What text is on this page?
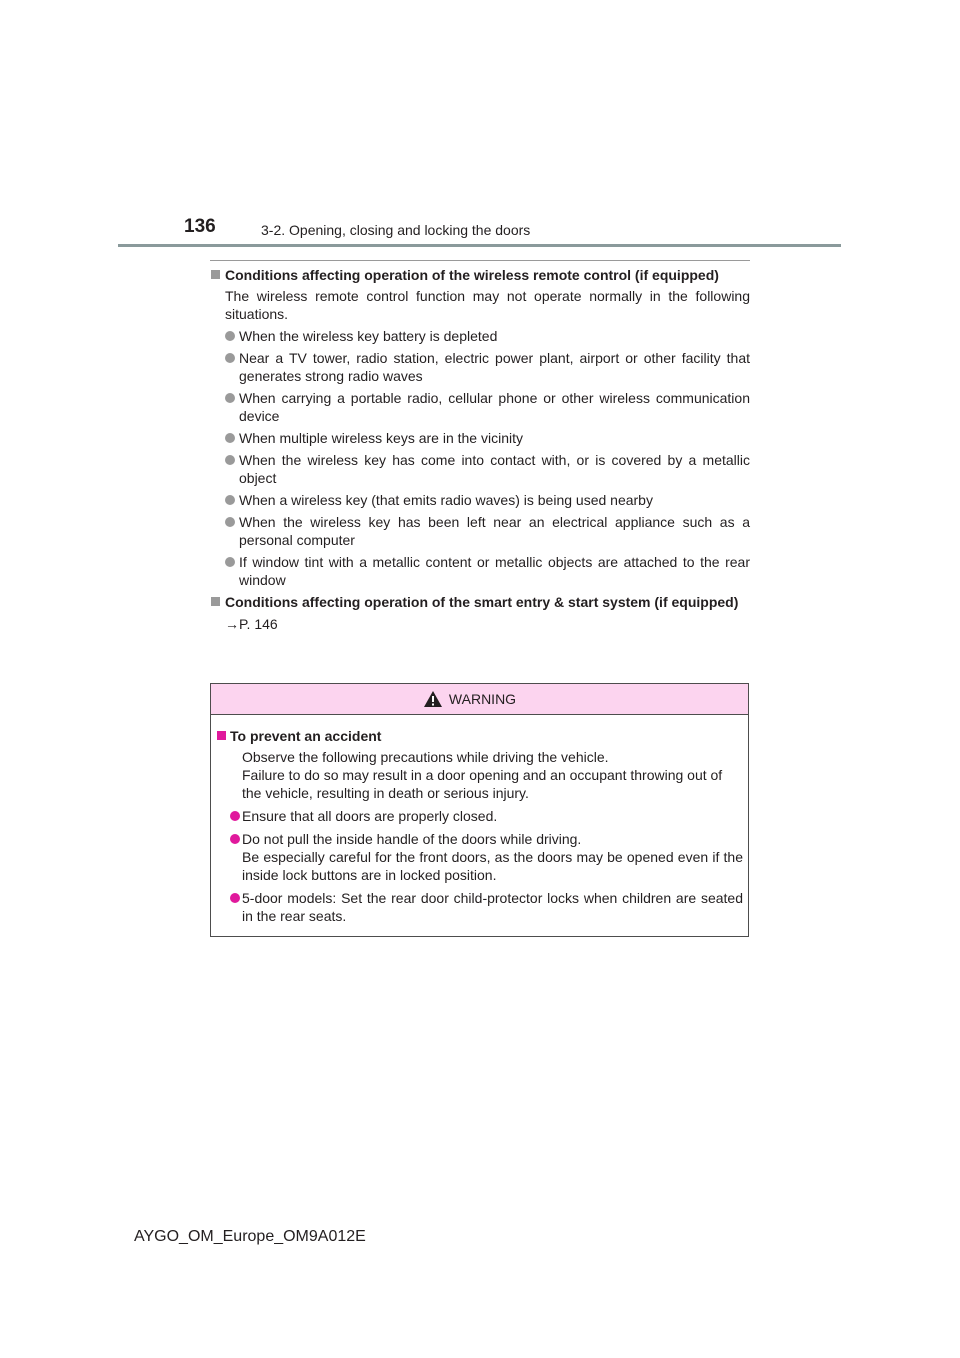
136	3-2. Opening, closing and locking the doors
Conditions affecting operation of the wireless remote control (if equipped)
The wireless remote control function may not operate normally in the following situations.
When the wireless key battery is depleted
Near a TV tower, radio station, electric power plant, airport or other facility that generates strong radio waves
When carrying a portable radio, cellular phone or other wireless communication device
When multiple wireless keys are in the vicinity
When the wireless key has come into contact with, or is covered by a metallic object
When a wireless key (that emits radio waves) is being used nearby
When the wireless key has been left near an electrical appliance such as a personal computer
If window tint with a metallic content or metallic objects are attached to the rear window
Conditions affecting operation of the smart entry & start system (if equipped)
→P. 146
WARNING
To prevent an accident
Observe the following precautions while driving the vehicle.
Failure to do so may result in a door opening and an occupant throwing out of the vehicle, resulting in death or serious injury.
Ensure that all doors are properly closed.
Do not pull the inside handle of the doors while driving.
Be especially careful for the front doors, as the doors may be opened even if the inside lock buttons are in locked position.
5-door models: Set the rear door child-protector locks when children are seated in the rear seats.
AYGO_OM_Europe_OM9A012E
